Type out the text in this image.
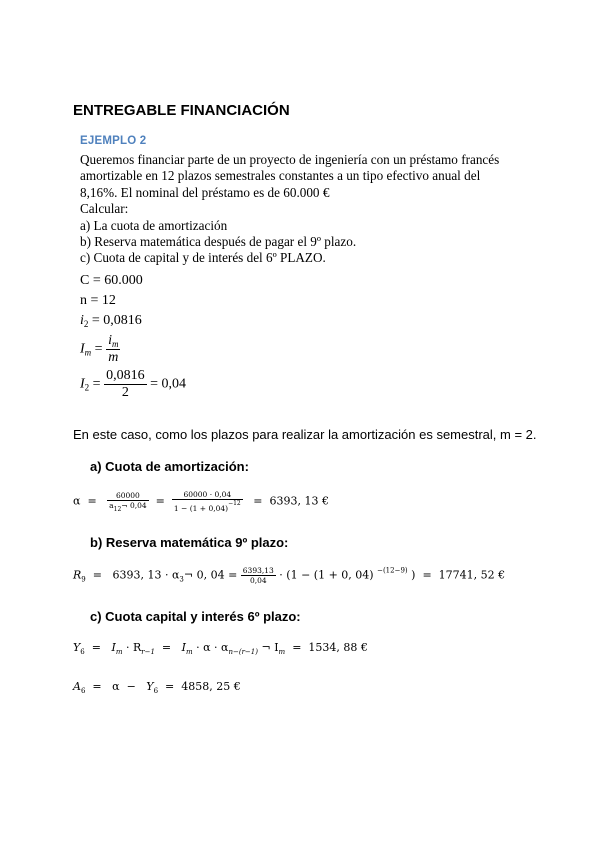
ENTREGABLE FINANCIACIÓN
EJEMPLO 2
Queremos financiar parte de un proyecto de ingeniería con un préstamo francés
amortizable en 12 plazos semestrales constantes a un tipo efectivo anual del
8,16%. El nominal del préstamo es de 60.000 €
Calcular:
a) La cuota de amortización
b) Reserva matemática después de pagar el 9º plazo.
c) Cuota de capital y de interés del 6º PLAZO.
C = 60.000
n = 12
$i_2 = 0,0816$
$I_m = \frac{i_m}{m}$
$I_2 = \frac{0,0816}{2} = 0,04$
En este caso, como los plazos para realizar la amortización es semestral, m = 2.
a) Cuota de amortización:
$\alpha = \frac{60000}{a_{12}\neg 0,04} = \frac{60000 \cdot 0,04}{1 - (1 + 0,04)^{-12}} = 6393$, 13 €
b) Reserva matemática 9º plazo:
$R_9 = 6393$, $13 \cdot \alpha_3\neg$ 0, $04 = \frac{6393,13}{0,04} \cdot (1 - (1 + 0$, 04) $^{-(12-9)}$ ) = 17741, 52 €
c) Cuota capital y interés 6º plazo:
$Y_6 = I_m \cdot R_{r-1} = I_m \cdot \alpha \cdot \alpha_{n-(r-1)}$ ¬ $I_m = 1534$, 88 €
$A_6 = \alpha - Y_6 = 4858$, 25 €
